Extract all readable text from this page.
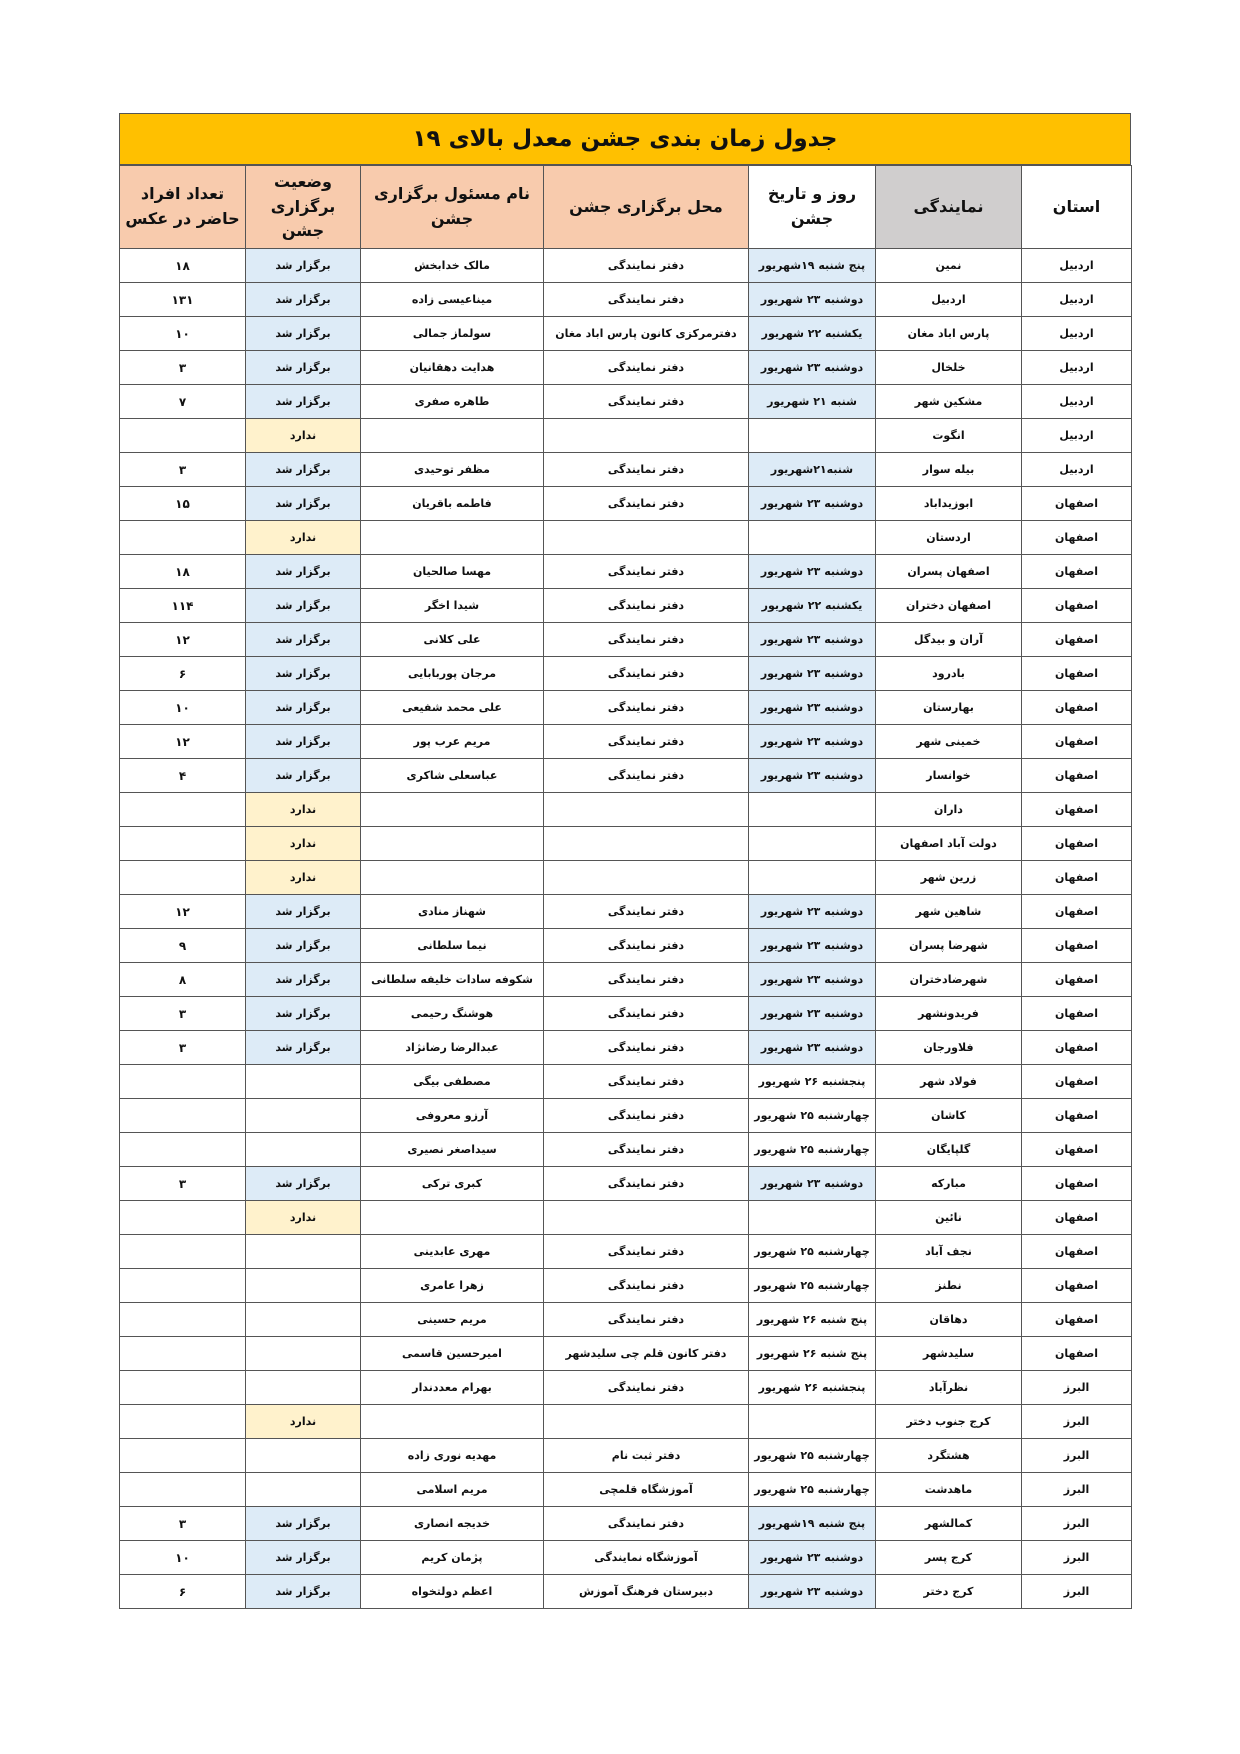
جدول زمان بندی جشن معدل بالای ۱۹
استان	نمایندگی	روز و تاریخ جشن	محل برگزاری جشن	نام مسئول برگزاری جشن	وضعیت برگزاری جشن	تعداد افراد حاضر در عکس
اردبیل	نمین	پنج شنبه ۱۹شهریور	دفتر نمایندگی	مالک خدابخش	برگزار شد	۱۸
اردبیل	اردبیل	دوشنبه ۲۳ شهریور	دفتر نمایندگی	میناعیسی زاده	برگزار شد	۱۳۱
اردبیل	پارس اباد مغان	یکشنبه ۲۲ شهریور	دفترمرکزی کانون پارس اباد مغان	سولماز جمالی	برگزار شد	۱۰
اردبیل	خلخال	دوشنبه ۲۳ شهریور	دفتر نمایندگی	هدایت دهقانیان	برگزار شد	۳
اردبیل	مشکین شهر	شنبه ۲۱ شهریور	دفتر نمایندگی	طاهره صفری	برگزار شد	۷
اردبیل	انگوت				ندارد	
اردبیل	بیله سوار	شنبه۲۱شهریور	دفتر نمایندگی	مظفر توحیدی	برگزار شد	۳
اصفهان	ابوزیداباد	دوشنبه ۲۳ شهریور	دفتر نمایندگی	فاطمه باقریان	برگزار شد	۱۵
اصفهان	اردستان				ندارد	
اصفهان	اصفهان پسران	دوشنبه ۲۳ شهریور	دفتر نمایندگی	مهسا صالحیان	برگزار شد	۱۸
اصفهان	اصفهان دختران	یکشنبه ۲۲ شهریور	دفتر نمایندگی	شیدا اخگر	برگزار شد	۱۱۴
اصفهان	آران و بیدگل	دوشنبه ۲۳ شهریور	دفتر نمایندگی	علی کلانی	برگزار شد	۱۲
اصفهان	بادرود	دوشنبه ۲۳ شهریور	دفتر نمایندگی	مرجان پوربابایی	برگزار شد	۶
اصفهان	بهارستان	دوشنبه ۲۳ شهریور	دفتر نمایندگی	علی محمد شفیعی	برگزار شد	۱۰
اصفهان	خمینی شهر	دوشنبه ۲۳ شهریور	دفتر نمایندگی	مریم عرب پور	برگزار شد	۱۲
اصفهان	خوانسار	دوشنبه ۲۳ شهریور	دفتر نمایندگی	عباسعلی شاکری	برگزار شد	۴
اصفهان	داران				ندارد	
اصفهان	دولت آباد اصفهان				ندارد	
اصفهان	زرین شهر				ندارد	
اصفهان	شاهین شهر	دوشنبه ۲۳ شهریور	دفتر نمایندگی	شهناز منادی	برگزار شد	۱۲
اصفهان	شهرضا پسران	دوشنبه ۲۳ شهریور	دفتر نمایندگی	نیما سلطانی	برگزار شد	۹
اصفهان	شهرضادختران	دوشنبه ۲۳ شهریور	دفتر نمایندگی	شکوفه سادات خلیفه سلطانی	برگزار شد	۸
اصفهان	فریدونشهر	دوشنبه ۲۳ شهریور	دفتر نمایندگی	هوشنگ رحیمی	برگزار شد	۳
اصفهان	فلاورجان	دوشنبه ۲۳ شهریور	دفتر نمایندگی	عبدالرضا رضانژاد	برگزار شد	۳
اصفهان	فولاد شهر	پنجشنبه ۲۶ شهریور	دفتر نمایندگی	مصطفی بیگی		
اصفهان	کاشان	چهارشنبه ۲۵ شهریور	دفتر نمایندگی	آرزو معروفی		
اصفهان	گلپایگان	چهارشنبه ۲۵ شهریور	دفتر نمایندگی	سیداصغر نصیری		
اصفهان	مبارکه	دوشنبه ۲۳ شهریور	دفتر نمایندگی	کبری ترکی	برگزار شد	۳
اصفهان	نائین				ندارد	
اصفهان	نجف آباد	چهارشنبه ۲۵ شهریور	دفتر نمایندگی	مهری عابدینی		
اصفهان	نطنز	چهارشنبه ۲۵ شهریور	دفتر نمایندگی	زهرا عامری		
اصفهان	دهاقان	پنج شنبه ۲۶ شهریور	دفتر نمایندگی	مریم حسینی		
اصفهان	سلیدشهر	پنج شنبه ۲۶ شهریور	دفتر کانون قلم چی سلیدشهر	امیرحسین قاسمی		
البرز	نظرآباد	پنجشنبه ۲۶ شهریور	دفتر نمایندگی	بهرام معددندار		
البرز	کرج جنوب دختر				ندارد	
البرز	هشتگرد	چهارشنبه ۲۵ شهریور	دفتر ثبت نام	مهدیه نوری زاده		
البرز	ماهدشت	چهارشنبه ۲۵ شهریور	آموزشگاه قلمچی	مریم اسلامی		
البرز	کمالشهر	پنج شنبه ۱۹شهریور	دفتر نمایندگی	خدیجه انصاری	برگزار شد	۳
البرز	کرج پسر	دوشنبه ۲۳ شهریور	آموزشگاه نمایندگی	پژمان کریم	برگزار شد	۱۰
البرز	کرج دختر	دوشنبه ۲۳ شهریور	دبیرستان فرهنگ آموزش	اعظم دولتخواه	برگزار شد	۶
